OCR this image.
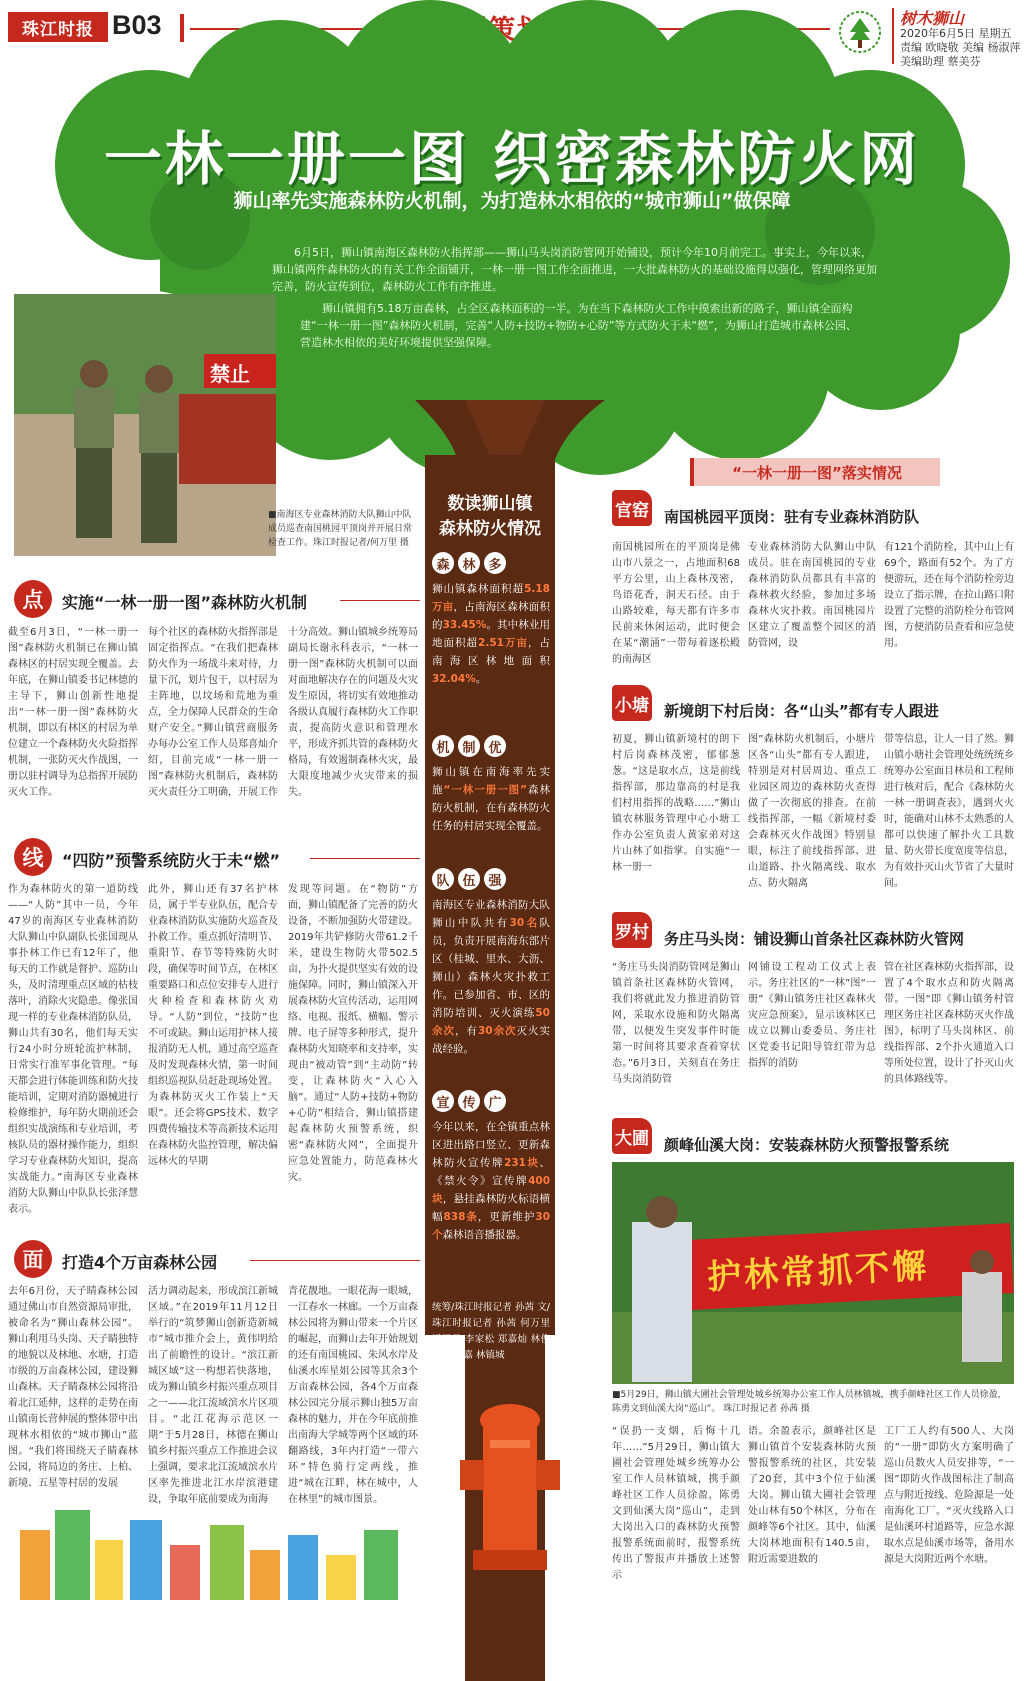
珠江时报 B03	树木狮山
2020年6月5日 星期五
责编 欧晓敬 美编 杨淑萍
美编助理 蔡美芬
一林一册一图 织密森林防火网
狮山率先实施森林防火机制，为打造林水相依的“城市狮山”做保障
6月5日，狮山镇南海区森林防火指挥部——狮山马头岗消防管网开始铺设，预计今年10月前完工。事实上，今年以来，狮山镇两件森林防火的有关工作全面铺开，一林一册一图工作全面推进，一大批森林防火的基础设施得以强化，管理网络更加完善，防火宣传到位，森林防火工作有序推进。
狮山镇拥有5.18万亩森林，占全区森林面积的一半。为在当下森林防火工作中摸索出新的路子，狮山镇全面构建“一林一册一图”森林防火机制，完善“人防+技防+物防+心防”等方式防火于未“燃”，为狮山打造城市森林公园、营造林水相依的美好环境提供坚强保障。
禁止
■南海区专业森林消防大队狮山中队成员巡查南国桃园平顶岗并开展日常检查工作。珠江时报记者/何万里 摄
数读狮山镇
森林防火情况
森 林 多
狮山镇森林面积超5.18万亩，占南海区森林面积的33.45%。其中林业用地面积超2.51万亩，占南海区林地面积32.04%。
机 制 优
狮山镇在南海率先实施“一林一册一图”森林防火机制，在有森林防火任务的村居实现全覆盖。
队 伍 强
南海区专业森林消防大队狮山中队共有30名队员，负责开展南海东部片区（桂城、里水、大沥、狮山）森林火灾扑救工作。已参加省、市、区的消防培训、灭火演练50余次，有30余次灭火实战经验。
宣 传 广
今年以来，在全镇重点林区进出路口竖立、更新森林防火宣传牌231块、《禁火令》宣传牌400块，悬挂森林防火标语横幅838条，更新维护30个森林语音播报器。
统筹/珠江时报记者 孙茜 文/珠江时报记者 孙茜 何万里 通讯员 李家松 郑嘉灿 林俊强 黄志嘉 林镇城
点	实施“一林一册一图”森林防火机制
截至6月3日，“一林一册一图”森林防火机制已在狮山镇森林区的村居实现全覆盖。去年底，在狮山镇委书记林德的主导下，狮山创新性地提出“一林一册一图”森林防火机制，即以有林区的村居为单位建立一个森林防火火险指挥机制，一张防灭火作战图，一册以驻村调导为总指挥开展防灭火工作。
每个社区的森林防火指挥部是固定指挥点。“在我们把森林防火作为一场战斗来对待，力量下沉，划片包干，以村居为主阵地，以坟场和荒地为重点，全力保障人民群众的生命财产安全。”狮山镇营商服务办每办公室工作人员郑喜灿介绍，目前完成“一林一册一图”森林防火机制后，森林防灭火责任分工明确，开展工作
十分高效。狮山镇城乡统筹局副局长谢永科表示，“一林一册一图”森林防火机制可以面对面地解决存在的问题及火灾发生原因，将切实有效地推动各级认真履行森林防火工作职责，提高防火意识和管理水平，形成齐抓共管的森林防火格局，有效遏制森林火灾，最大限度地减少火灾带来的损失。
线	“四防”预警系统防火于未“燃”
作为森林防火的第一道防线——“人防”其中一员，今年47岁的南海区专业森林消防大队狮山中队副队长张国现从事扑林工作已有12年了，他每天的工作就是督护、巡防山头，及时清理重点区域的枯枝落叶，消除火灾隐患。像张国现一样的专业森林消防队员，狮山共有30名，他们每天实行24小时分班轮流护林制，日常实行准军事化管理。“每天都会进行体能训练和防火技能培训，定期对消防器械进行检修维护，每年防火期前还会组织实战演练和专业培训，考核队员的器材操作能力，组织学习专业森林防火知识，提高实战能力。”南海区专业森林消防大队狮山中队队长张泽慧表示。
此外，狮山还有37名护林员，属于半专业队伍，配合专业森林消防队实施防火巡查及扑救工作。重点抓好清明节、重阳节、春节等特殊防火时段，确保等时间节点，在林区重要路口和点位安排专人进行火种检查和森林防火劝导。“人防”到位，“技防”也不可或缺。狮山运用护林人接报消防无人机，通过高空巡查及时发现森林火情，第一时间组织巡视队员赶赴现场处置。为森林防灭火工作装上“天眼”。还会将GPS技术、数字四费传输技术等高新技术运用在森林防火监控管理，解决偏远林火的早期
发现等问题。在“物防”方面，狮山镇配备了完善的防火设备，不断加强防火带建设。2019年共铲修防火带61.2千米，建设生物防火带502.5亩，为扑火提供坚实有效的设施保障。同时，狮山镇深入开展森林防火宣传活动，运用网络、电视、报纸、横幅、警示牌、电子屏等多种形式，提升森林防火知晓率和支持率，实现由“被动管”到“主动防”转变，让森林防火“入心入脑”。通过“人防+技防+物防+心防”相结合，狮山镇搭建起森林防火预警系统，织密“森林防火网”，全面提升应急处置能力，防范森林火灾。
面	打造4个万亩森林公园
去年6月份，天子睛森林公园通过佛山市自然资源局审批，被命名为“狮山森林公园”。狮山利用马头岗、天子睛独特的地貌以及林地、水塘，打造市级的万亩森林公园，建设狮山森林。天子睛森林公园将沿着北江延伸，这样的走势在南山镇南长营伸展的整体带中出现林水相依的“城市狮山”蓝图。“我们将围绕天子睛森林公园，将局边的务庄、上柏、新境、五星等村居的发展
活力调动起来，形成滨江新城区域。”在2019年11月12日举行的“筑梦狮山创新造新城市”城市推介会上，黄伟明给出了前瞻性的设计。“滨江新城区域”这一构想若快落地，成为狮山镇乡村振兴重点项目之一——北江流域滨水片区项目。“北江花海示范区一期”于5月28日，林德在狮山镇乡村振兴重点工作推进会议上强调，要求北江流域滨水片区率先推进北江水岸滨港建设，争取年底前要成为南海
青花靓地。一眼花海一眼城，一江春水一林廊。一个万亩森林公园将为狮山带来一个片区的崛起，而狮山去年开始规划的还有南国桃园、朱风水岸及仙溪水库星姐公园等其余3个万亩森林公园，各4个万亩森林公园完分展示狮山独5万亩森林的魅力，并在今年底前推出南海大学城等两个区域的环翻路线，3年内打造“一带六环”特色骑行定两线，推进“城在江畔，林在城中，人在林里”的城市图景。
“一林一册一图”落实情况
官窑 南国桃园平顶岗：驻有专业森林消防队
南国桃园所在的平顶岗是佛山市八景之一，占地面积68平方公里，山上森林茂密，鸟语花香，洞天石径。由于山路较难，每天都有许多市民前来休闲运动，此时便会在某“潮涌”一带每着逐松殿的南海区
专业森林消防大队狮山中队成员。驻在南国桃园的专业森林消防队员都具有丰富的森林救火经验，参加过多场森林火灾扑救。南国桃园片区建立了覆盖整个园区的消防管网，设
有121个消防栓，其中山上有69个，路面有52个。为了方便游玩，还在每个消防栓旁边设立了指示牌，在拉山路口附设置了完整的消防栓分布管网图，方便消防员查看和应急使用。
小塘 新境朗下村后岗：各“山头”都有专人跟进
初夏，狮山镇新境村的朗下村后岗森林茂密，郁郁葱葱。“这是取水点，这是前线指挥部，那边靠高的村是我们村用指挥的战略……”狮山镇农林服务管理中心小塘工作办公室负责人黄家弟对这片山林了如指掌。自实施“一林一册一
图”森林防火机制后，小塘片区各“山头”都有专人跟进，特别是对村居周边、重点工业园区周边的森林防火查得做了一次彻底的排查。在前线指挥部，一幅《新境村委会森林灭火作战图》特别显眼，标注了前线指挥部、进山道路、扑火隔离线、取水点、防火隔离
带等信息，让人一目了然。狮山镇小塘社会管理处统统统乡统筹办公室面目林员和工程师进行核对后，配合《森林防火一林一册调查表》，遇到火火时，能确对山林不太熟悉的人都可以快速了解扑火工具数量、防火带长度宽度等信息，为有效扑灭山火节省了大量时间。
罗村 务庄马头岗：铺设狮山首条社区森林防火管网
“务庄马头岗消防管网是狮山镇首条社区森林防火管网，我们将就此发力推进消防管网，采取水设施和防火隔离带，以便发生突发事件时能第一时间将其要求查着穿状态。”6月3日，关刻直在务庄马头岗消防管
网铺设工程动工仪式上表示。务庄社区的“一林”图“一册”《狮山镇务庄社区森林火灾应急预案》，显示该林区已成立以狮山委委员、务庄社区党委书记阳导管红带为总指挥的消防
管在社区森林防火指挥部，设置了4个取水点和防火隔离带。一图“即《狮山镇务村管理区务庄社区森林防灭火作战图》，标明了马头岗林区、前线指挥部、2个扑火通道入口等所处位置，设计了扑灭山火的具体路线等。
大圃 颜峰仙溪大岗：安装森林防火预警报警系统
护林常抓不懈
■5月29日，狮山镇大圃社会管理处城乡统筹办公室工作人员林镇城，携手颜峰社区工作人员徐盈，陈勇文到仙溪大岗“巡山”。 珠江时报记者 孙茜 摄
“误扔一支烟，后悔十几年……”5月29日，狮山镇大圃社会管理处城乡统筹办公室工作人员林镇城，携手颜峰社区工作人员徐盈，陈勇文到仙溪大岗“巡山”，走到大岗出入口的森林防火预警报警系统面前时，报警系统传出了警报声并播放上述警示
语。余盈表示，颜峰社区是狮山镇首个安装森林防火预警报警系统的社区，共安装了20套，其中3个位于仙溪大岗。狮山镇大圃社会管理处山林有50个林区，分布在颜峰等6个社区。其中，仙溪大岗林地面积有140.5亩，附近需要进数的
工厂工人约有500人、大岗的“一册”即防火方案明确了巡山员数火人员安排等，“一图”即防火作战图标注了制高点与附近按线、危险源是一处南海化工厂。“灭火线路入口是仙溪环村道路等，应急水源取水点是仙溪市场等，备用水源是大岗附近两个水塘。
